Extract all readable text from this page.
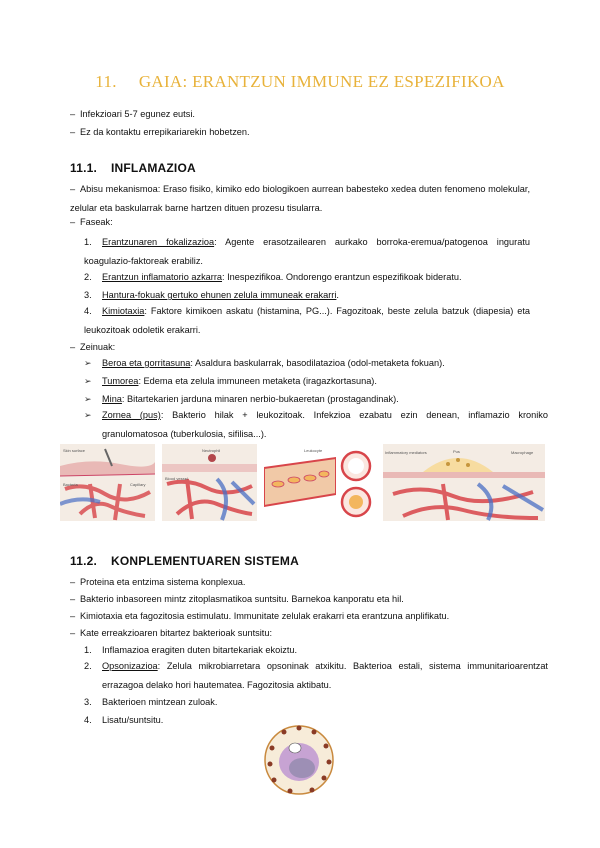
11. GAIA: ERANTZUN IMMUNE EZ ESPEZIFIKOA
– Infekzioari 5-7 egunez eutsi.
– Ez da kontaktu errepikariarekin hobetzen.
11.1. INFLAMAZIOA
– Abisu mekanismoa: Eraso fisiko, kimiko edo biologikoen aurrean babesteko xedea duten fenomeno molekular, zelular eta baskularrak barne hartzen dituen prozesu tisularra.
– Faseak:
1. Erantzunaren fokalizazioa: Agente erasotzailearen aurkako borroka-eremua/patogenoa inguratu koagulazio-faktoreak erabiliz.
2. Erantzun inflamatorio azkarra: Inespezifikoa. Ondorengo erantzun espezifikoak bideratu.
3. Hantura-fokuak gertuko ehunen zelula immuneak erakarri.
4. Kimiotaxia: Faktore kimikoen askatu (histamina, PG...). Fagozitoak, beste zelula batzuk (diapesia) eta leukozitoak odoletik erakarri.
– Zeinuak:
➢ Beroa eta gorritasuna: Asaldura baskularrak, basodilatazioa (odol-metaketa fokuan).
➢ Tumorea: Edema eta zelula immuneen metaketa (iragazkortasuna).
➢ Mina: Bitartekarien jarduna minaren nerbio-bukaeretan (prostagandinak).
➢ Zornea (pus): Bakterio hilak + leukozitoak. Infekzioa ezabatu ezin denean, inflamazio kroniko granulomatosoa (tuberkulosia, sifilisa...).
Skin surface
Bacteria	Capillary
Neutrophil
Blood vessel
Leukocyte	Inflammatory mediators	Pus	Macrophage
11.2. KONPLEMENTUAREN SISTEMA
– Proteina eta entzima sistema konplexua.
– Bakterio inbasoreen mintz zitoplasmatikoa suntsitu. Barnekoa kanporatu eta hil.
– Kimiotaxia eta fagozitosia estimulatu. Immunitate zelulak erakarri eta erantzuna anplifikatu.
– Kate erreakzioaren bitartez bakterioak suntsitu:
1. Inflamazioa eragiten duten bitartekariak ekoiztu.
2. Opsonizazioa: Zelula mikrobiarretara opsoninak atxikitu. Bakterioa estali, sistema immunitarioarentzat errazagoa delako hori hautematea. Fagozitosia aktibatu.
3. Bakterioen mintzean zuloak.
4. Lisatu/suntsitu.
